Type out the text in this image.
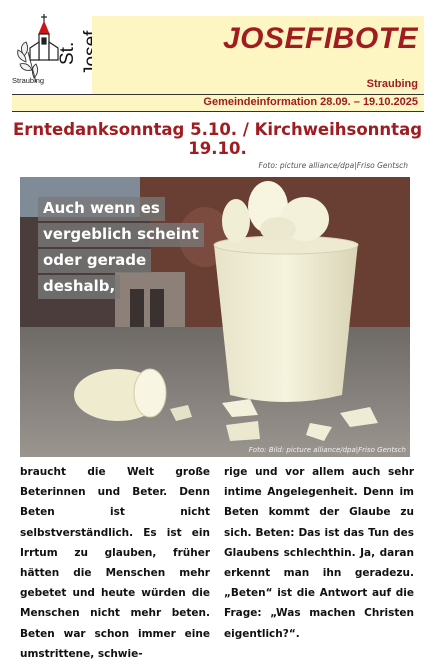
St.
Straubing
JOSEFIBOTE
Straubing
Gemeindeinformation 28.09. – 19.10.2025
Erntedanksonntag 5.10. / Kirchweihsonntag 19.10.
Foto: picture alliance/dpa|Friso Gentsch
Auch wenn es
vergeblich scheint
oder gerade
deshalb,
Foto: Bild: picture alliance/dpa|Friso Gentsch
braucht die Welt große Beterinnen und Beter. Denn Beten ist nicht selbstverständlich. Es ist ein Irrtum zu glauben, früher hätten die Menschen mehr gebetet und heute würden die Menschen nicht mehr beten. Beten war schon immer eine umstrittene, schwie-
rige und vor allem auch sehr intime Angelegenheit. Denn im Beten kommt der Glaube zu sich. Beten: Das ist das Tun des Glaubens schlechthin. Ja, daran erkennt man ihn geradezu. „Beten“ ist die Antwort auf die Frage: „Was machen Christen eigentlich?“.
